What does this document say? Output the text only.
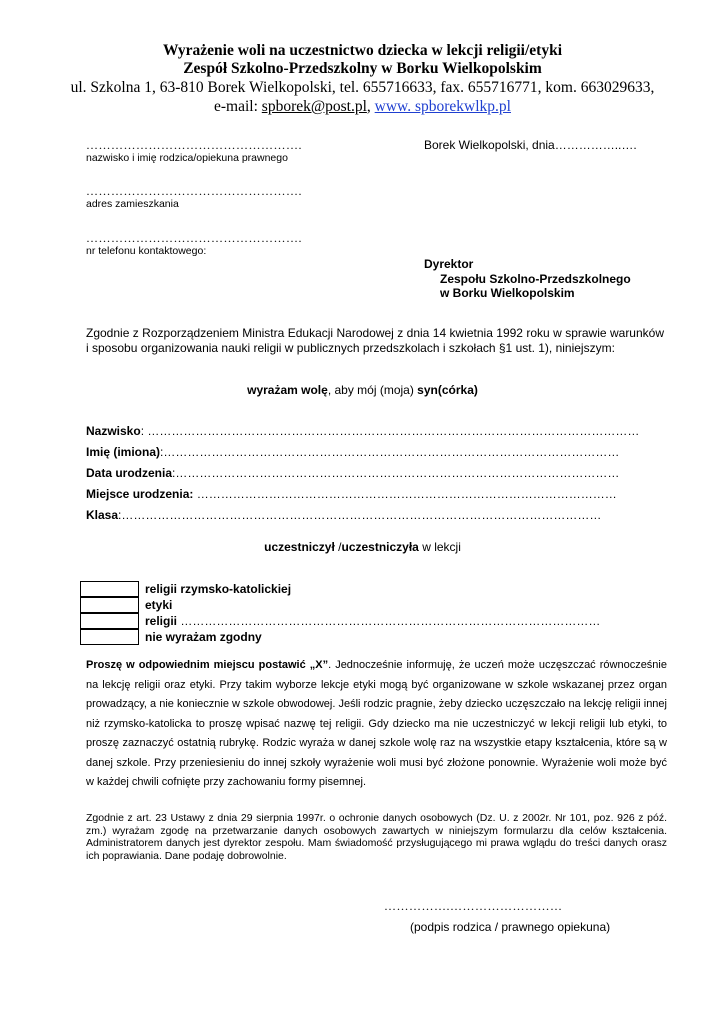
Wyrażenie woli na uczestnictwo dziecka w lekcji religii/etyki
Zespół Szkolno-Przedszkolny w Borku Wielkopolskim
ul. Szkolna 1, 63-810 Borek Wielkopolski, tel. 655716633, fax. 655716771, kom. 663029633,
e-mail: spborek@post.pl, www. spborekwlkp.pl
…………………………………………….
nazwisko i imię rodzica/opiekuna prawnego
Borek Wielkopolski, dnia……………..….
…………………………………………….
adres zamieszkania
…………………………………………….
nr telefonu kontaktowego:
Dyrektor
Zespołu Szkolno-Przedszkolnego
w Borku Wielkopolskim
Zgodnie z Rozporządzeniem Ministra Edukacji Narodowej z dnia 14 kwietnia 1992 roku w sprawie warunków i sposobu organizowania nauki religii w publicznych przedszkolach i szkołach §1 ust. 1), niniejszym:
wyrażam wolę, aby mój (moja) syn(córka)
Nazwisko: ……………………………………………………………………………………………………………
Imię (imiona):……………………………………………………………………………………………………
Data urodzenia:…………………………………………………………………………………………………
Miejsce urodzenia: ……………………………………………………………………………………………
Klasa:…………………………………………………………………………………………………………
uczestniczył /uczestniczyła w lekcji
religii rzymsko-katolickiej
etyki
religii ……………………………………………………………………………………………
nie wyrażam zgodny
Proszę w odpowiednim miejscu postawić „X”. Jednocześnie informuję, że uczeń może uczęszczać równocześnie na lekcję religii oraz etyki. Przy takim wyborze lekcje etyki mogą być organizowane w szkole wskazanej przez organ prowadzący, a nie koniecznie w szkole obwodowej. Jeśli rodzic pragnie, żeby dziecko uczęszczało na lekcję religii innej niż rzymsko-katolicka to proszę wpisać nazwę tej religii. Gdy dziecko ma nie uczestniczyć w lekcji religii lub etyki, to proszę zaznaczyć ostatnią rubrykę. Rodzic wyraża w danej szkole wolę raz na wszystkie etapy kształcenia, które są w danej szkole. Przy przeniesieniu do innej szkoły wyrażenie woli musi być złożone ponownie. Wyrażenie woli może być w każdej chwili cofnięte przy zachowaniu formy pisemnej.
Zgodnie z art. 23 Ustawy z dnia 29 sierpnia 1997r. o ochronie danych osobowych (Dz. U. z 2002r. Nr 101, poz. 926 z póź. zm.) wyrażam zgodę na przetwarzanie danych osobowych zawartych w niniejszym formularzu dla celów kształcenia. Administratorem danych jest dyrektor zespołu. Mam świadomość przysługującego mi prawa wglądu do treści danych orasz ich poprawiania. Dane podaję dobrowolnie.
…………….………………………
(podpis rodzica / prawnego opiekuna)
